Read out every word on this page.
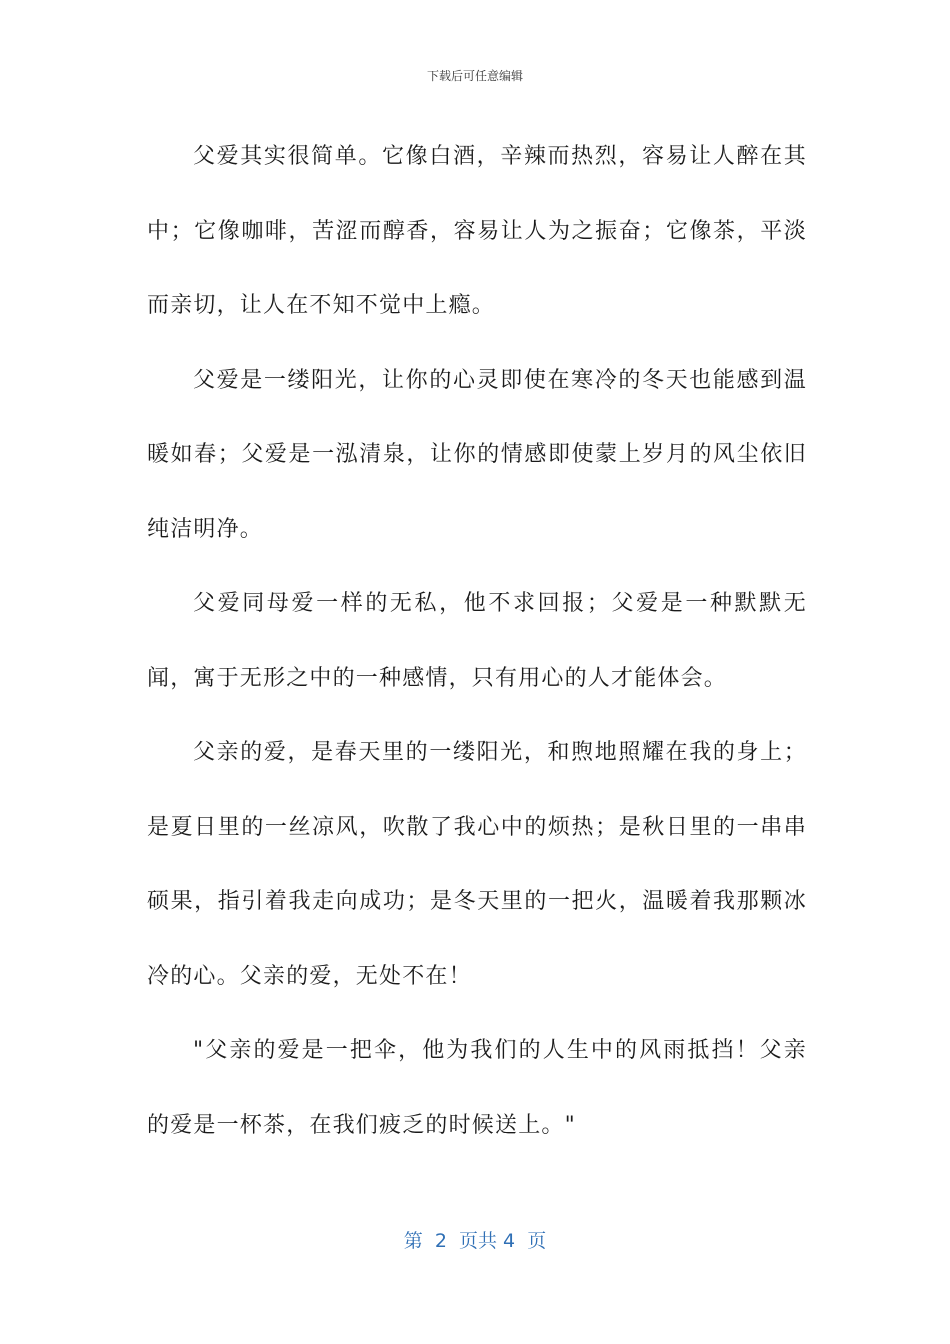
下载后可任意编辑

父爱其实很简单。它像白酒，辛辣而热烈，容易让人醉在其中；它像咖啡，苦涩而醇香，容易让人为之振奋；它像茶，平淡而亲切，让人在不知不觉中上瘾。

父爱是一缕阳光，让你的心灵即使在寒冷的冬天也能感到温暖如春；父爱是一泓清泉，让你的情感即使蒙上岁月的风尘依旧纯洁明净。

父爱同母爱一样的无私，他不求回报；父爱是一种默默无闻，寓于无形之中的一种感情，只有用心的人才能体会。

父亲的爱，是春天里的一缕阳光，和煦地照耀在我的身上；是夏日里的一丝凉风，吹散了我心中的烦热；是秋日里的一串串硕果，指引着我走向成功；是冬天里的一把火，温暖着我那颗冰冷的心。父亲的爱，无处不在！

"父亲的爱是一把伞，他为我们的人生中的风雨抵挡！父亲的爱是一杯茶，在我们疲乏的时候送上。"

第  2  页共 4  页
